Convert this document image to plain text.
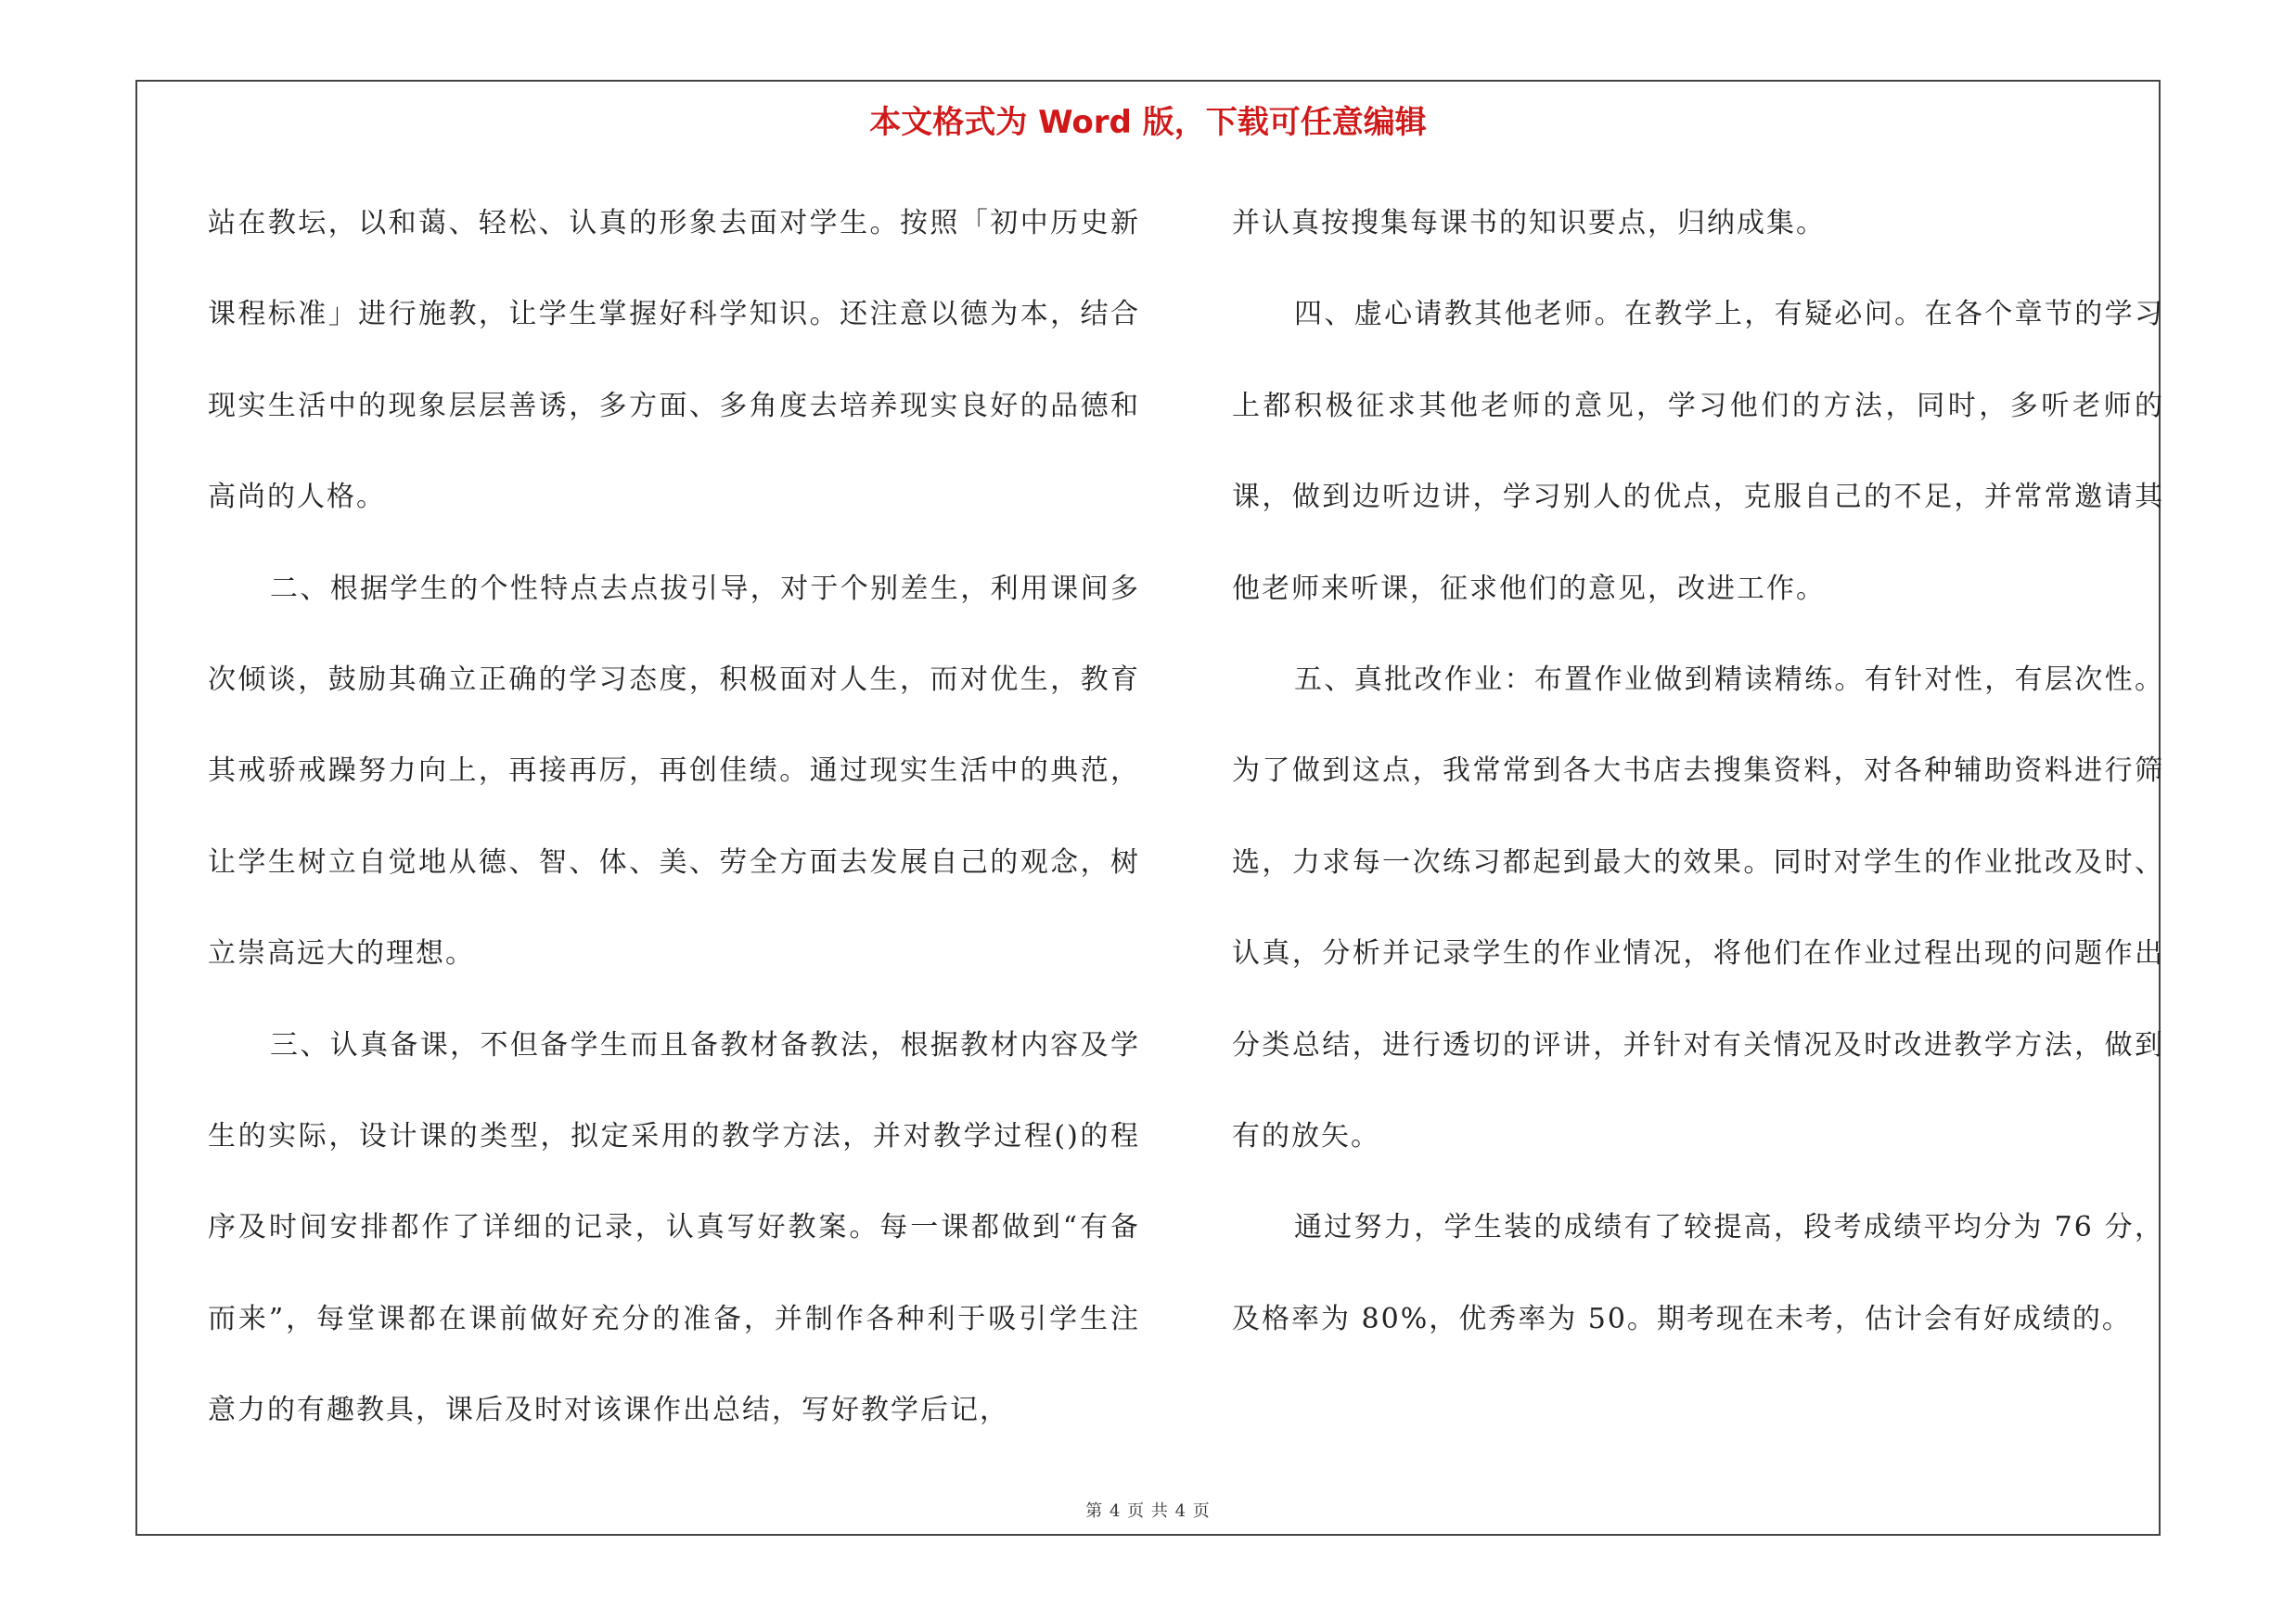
本文格式为 Word 版，下载可任意编辑

站在教坛，以和蔼、轻松、认真的形象去面对学生。按照「初中历史新课程标准」进行施教，让学生掌握好科学知识。还注意以德为本，结合现实生活中的现象层层善诱，多方面、多角度去培养现实良好的品德和高尚的人格。

二、根据学生的个性特点去点拔引导，对于个别差生，利用课间多次倾谈，鼓励其确立正确的学习态度，积极面对人生，而对优生，教育其戒骄戒躁努力向上，再接再厉，再创佳绩。通过现实生活中的典范，让学生树立自觉地从德、智、体、美、劳全方面去发展自己的观念，树立崇高远大的理想。

三、认真备课，不但备学生而且备教材备教法，根据教材内容及学生的实际，设计课的类型，拟定采用的教学方法，并对教学过程()的程序及时间安排都作了详细的记录，认真写好教案。每一课都做到“有备而来”，每堂课都在课前做好充分的准备，并制作各种利于吸引学生注意力的有趣教具，课后及时对该课作出总结，写好教学后记，

并认真按搜集每课书的知识要点，归纳成集。

四、虚心请教其他老师。在教学上，有疑必问。在各个章节的学习上都积极征求其他老师的意见，学习他们的方法，同时，多听老师的课，做到边听边讲，学习别人的优点，克服自己的不足，并常常邀请其他老师来听课，征求他们的意见，改进工作。

五、真批改作业：布置作业做到精读精练。有针对性，有层次性。为了做到这点，我常常到各大书店去搜集资料，对各种辅助资料进行筛选，力求每一次练习都起到最大的效果。同时对学生的作业批改及时、认真，分析并记录学生的作业情况，将他们在作业过程出现的问题作出分类总结，进行透切的评讲，并针对有关情况及时改进教学方法，做到有的放矢。

通过努力，学生装的成绩有了较提高，段考成绩平均分为 76 分，及格率为 80%，优秀率为 50。期考现在未考，估计会有好成绩的。

第 4 页 共 4 页
